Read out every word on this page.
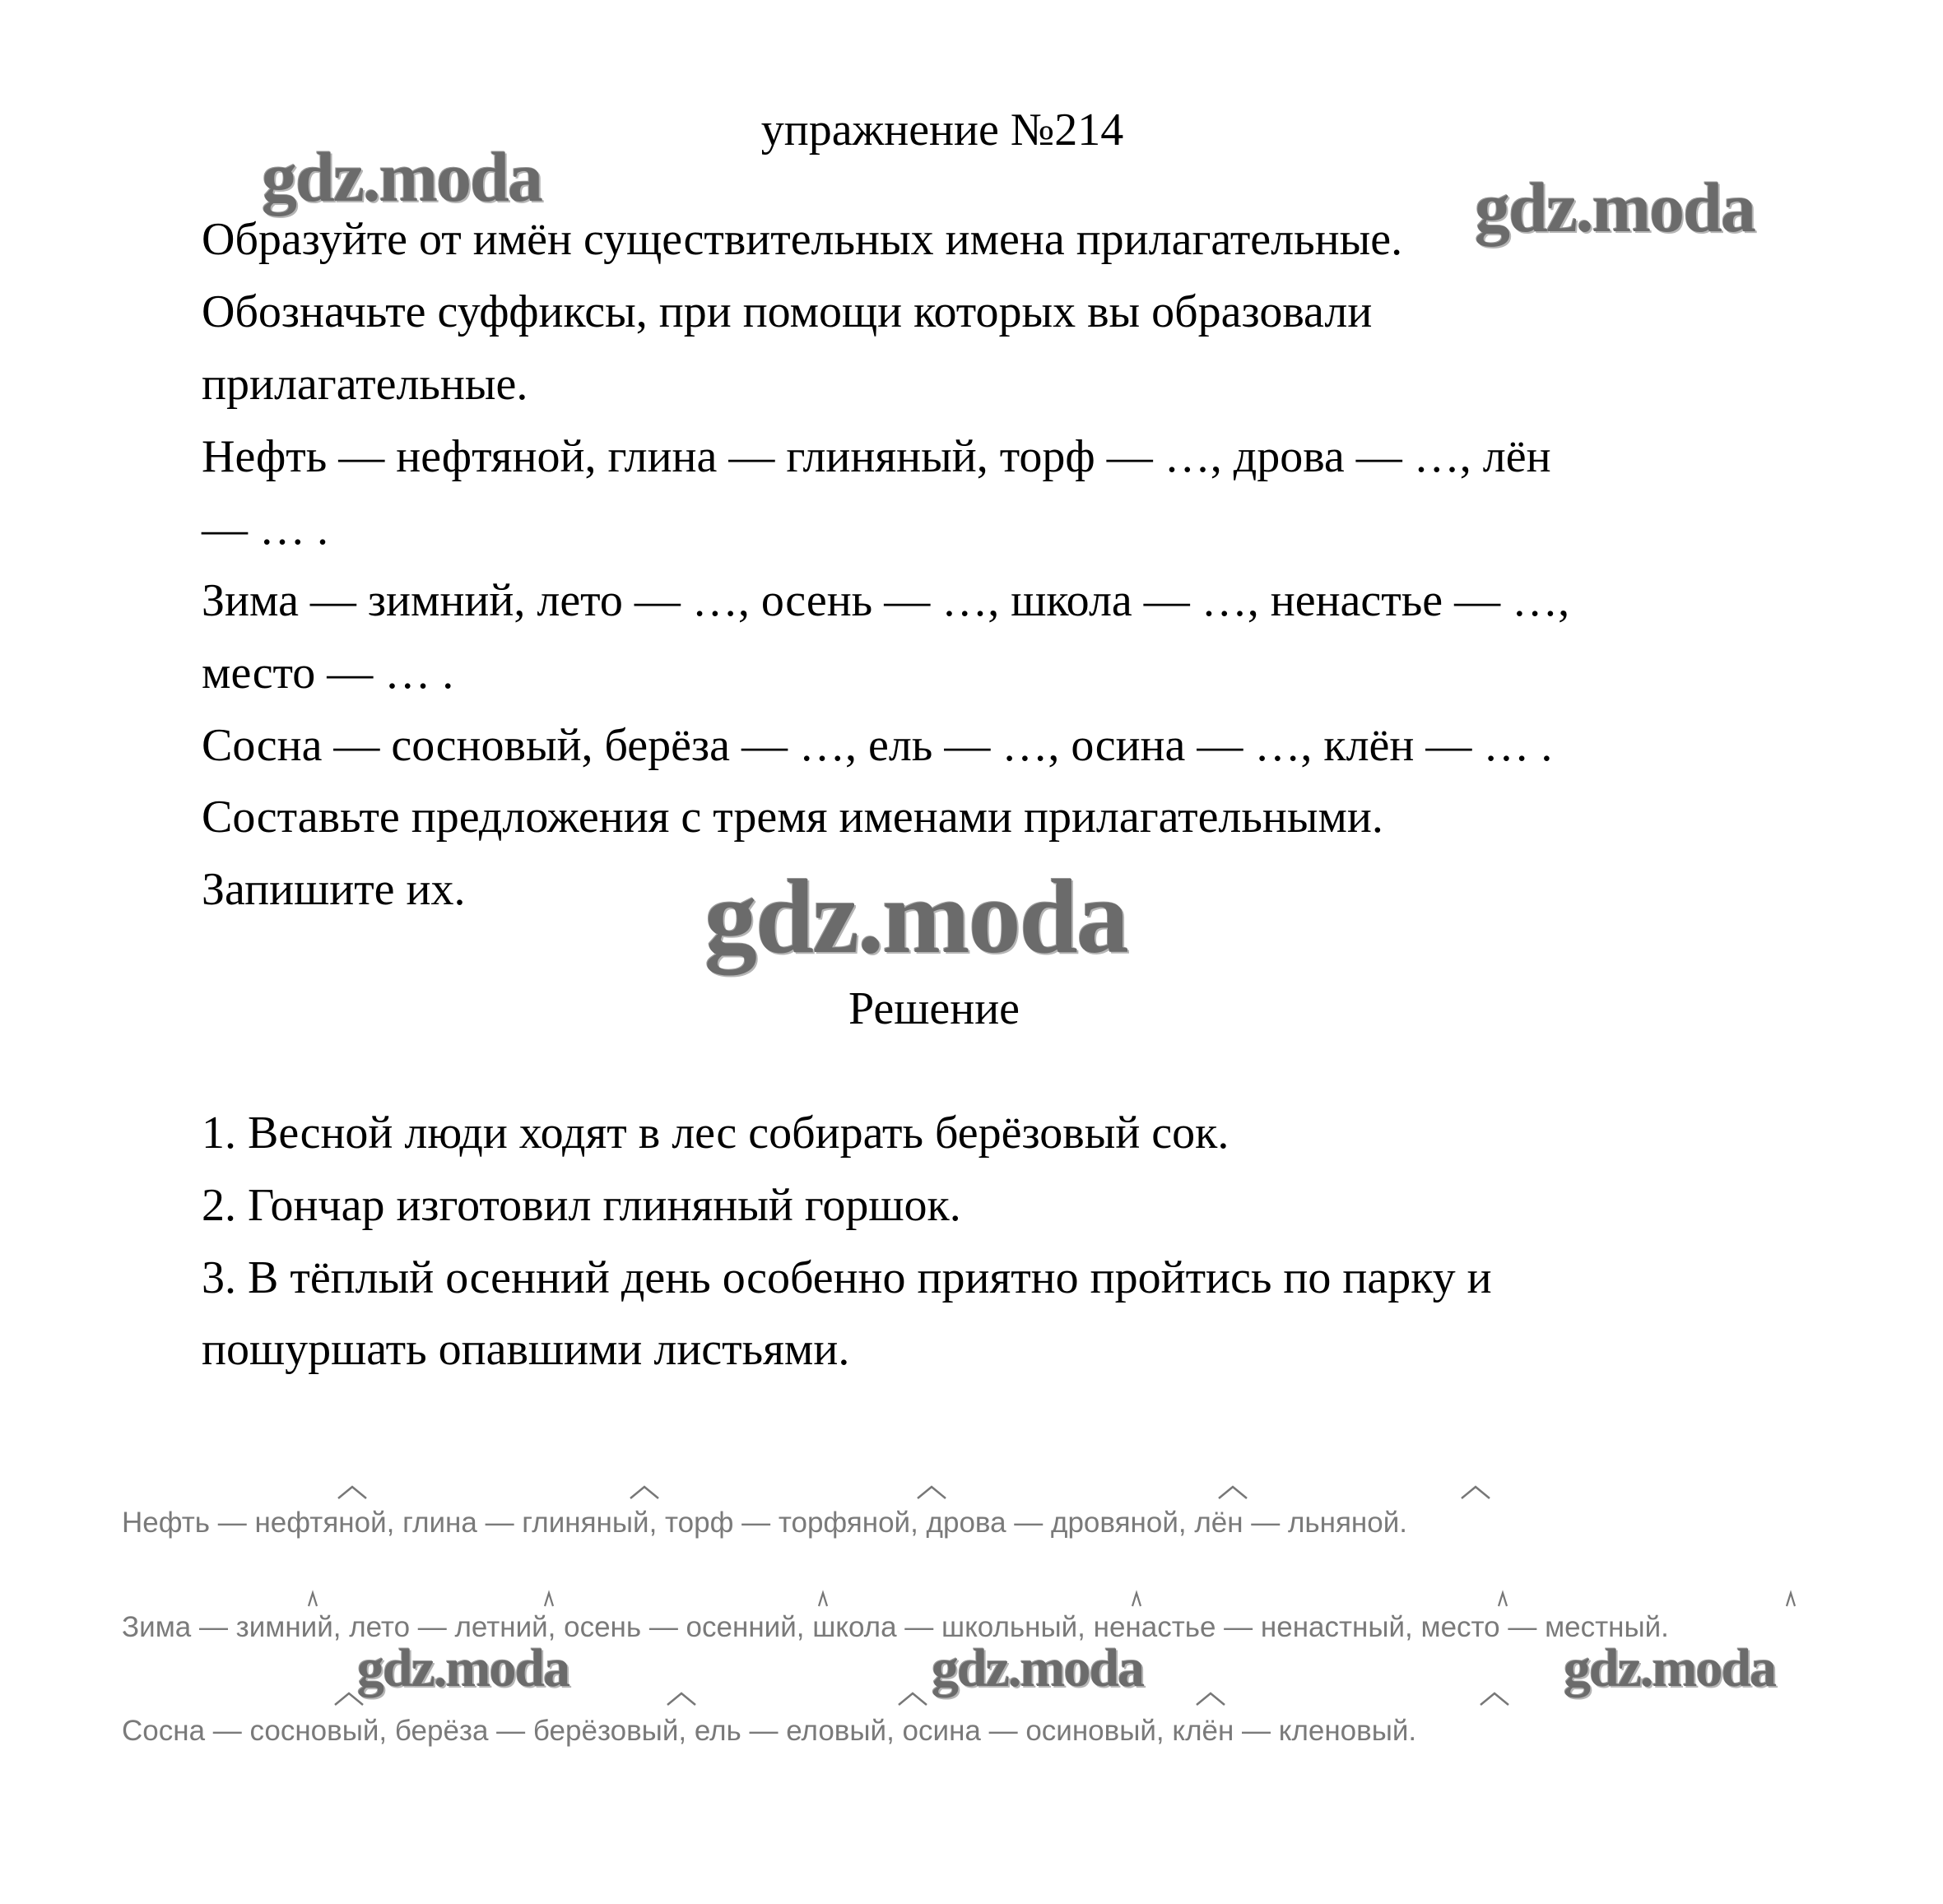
упражнение №214
Образуйте от имён существительных имена прилагательные.
Обозначьте суффиксы, при помощи которых вы образовали
прилагательные.
Нефть — нефтяной, глина — глиняный, торф — …, дрова — …, лён
— … .
Зима — зимний, лето — …, осень — …, школа — …, ненастье — …,
место — … .
Сосна — сосновый, берёза — …, ель — …, осина — …, клён — … .
Составьте предложения с тремя именами прилагательными.
Запишите их.
Решение
1. Весной люди ходят в лес собирать берёзовый сок.
2. Гончар изготовил глиняный горшок.
3. В тёплый осенний день особенно приятно пройтись по парку и
пошуршать опавшими листьями.
Нефть — нефтяной, глина — глиняный, торф — торфяной, дрова — дровяной, лён — льняной.
Зима — зимний, лето — летний, осень — осенний, школа — школьный, ненастье — ненастный, место — местный.
Сосна — сосновый, берёза — берёзовый, ель — еловый, осина — осиновый, клён — кленовый.
gdz.moda	gdz.moda
gdz.moda
gdz.moda	gdz.moda	gdz.moda
